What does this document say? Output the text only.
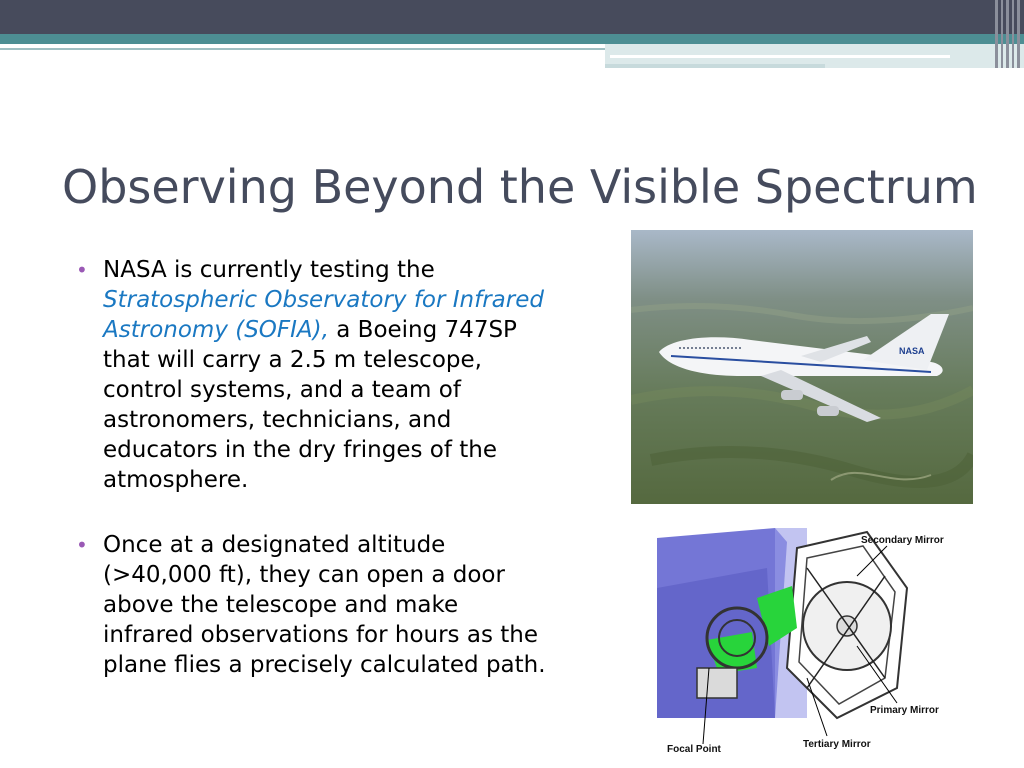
Observing Beyond the Visible Spectrum
• NASA is currently testing the Stratospheric Observatory for Infrared Astronomy (SOFIA), a Boeing 747SP that will carry a 2.5 m telescope, control systems, and a team of astronomers, technicians, and educators in the dry fringes of the atmosphere.
• Once at a designated altitude (>40,000 ft), they can open a door above the telescope and make infrared observations for hours as the plane flies a precisely calculated path.
NASA
Secondary Mirror
Primary Mirror
Tertiary Mirror
Focal Point
